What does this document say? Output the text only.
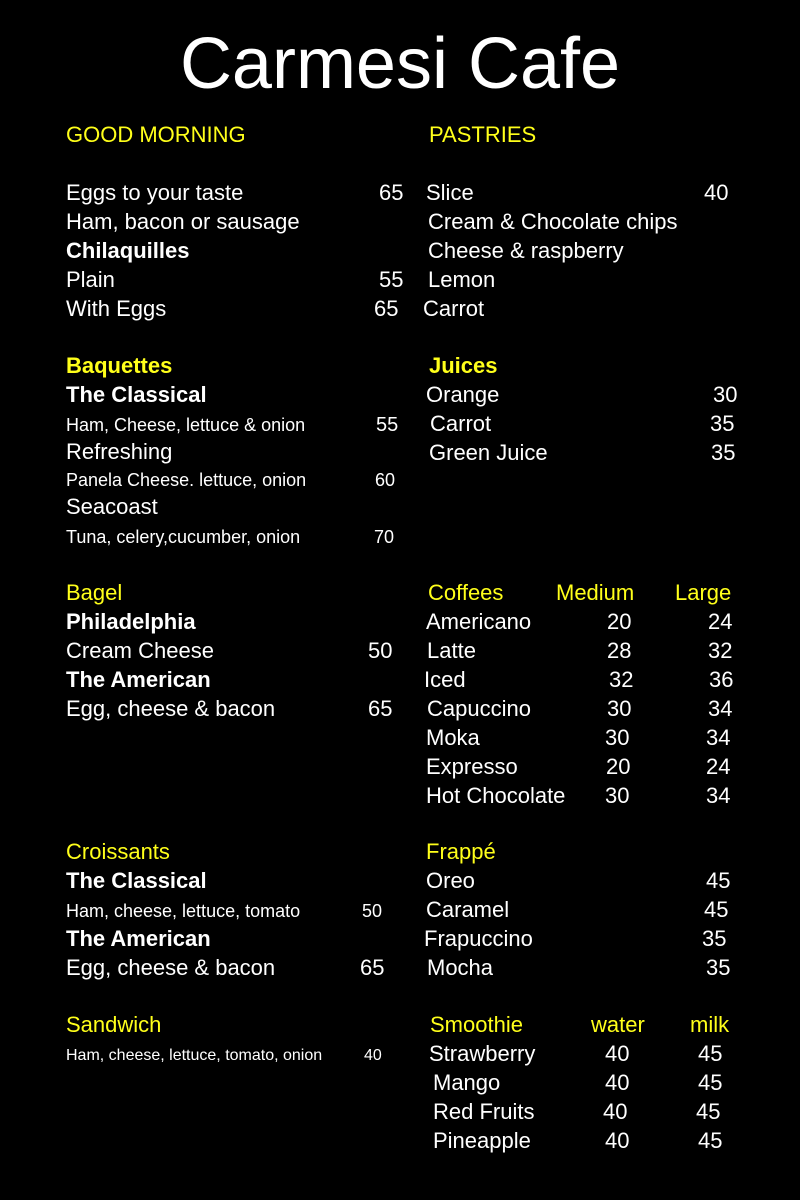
Carmesi Cafe
GOOD MORNING
Eggs to your taste	65
Ham, bacon or sausage
Chilaquilles
Plain	55
With Eggs	65
Baquettes
The Classical
Ham, Cheese, lettuce & onion	55
Refreshing
Panela Cheese. lettuce, onion	60
Seacoast
Tuna, celery,cucumber, onion	70
Bagel
Philadelphia
Cream Cheese	50
The American
Egg, cheese & bacon	65
Croissants
The Classical
Ham, cheese, lettuce, tomato	50
The American
Egg, cheese & bacon	65
Sandwich
Ham, cheese, lettuce, tomato, onion	40
PASTRIES
Slice	40
Cream & Chocolate chips
Cheese & raspberry
Lemon
Carrot
Juices
Orange	30
Carrot	35
Green Juice	35
Coffees Medium Large
Americano	20	24
Latte	28	32
Iced	32	36
Capuccino	30	34
Moka	30	34
Expresso	20	24
Hot Chocolate 30	34
Frappé
Oreo	45
Caramel	45
Frapuccino	35
Mocha	35
Smoothie	water milk
Strawberry	40	45
Mango	40	45
Red Fruits	40	45
Pineapple	40	45
